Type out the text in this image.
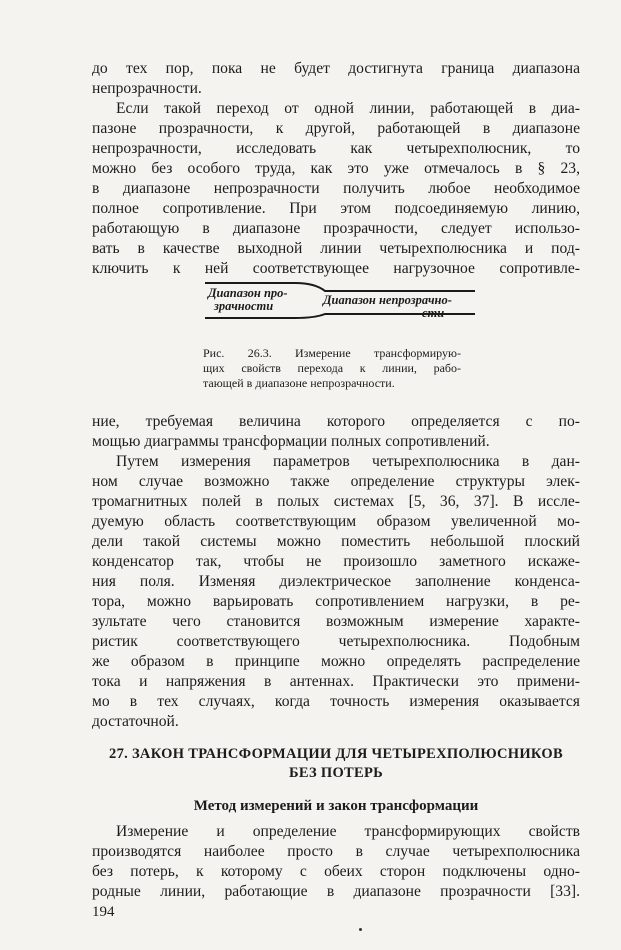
до тех пор, пока не будет достигнута граница диапазона
непрозрачности.
Если такой переход от одной линии, работающей в диа-
пазоне прозрачности, к другой, работающей в диапазоне
непрозрачности, исследовать как четырехполюсник, то
можно без особого труда, как это уже отмечалось в § 23,
в диапазоне непрозрачности получить любое необходимое
полное сопротивление. При этом подсоединяемую линию,
работающую в диапазоне прозрачности, следует использо-
вать в качестве выходной линии четырехполюсника и под-
ключить к ней соответствующее нагрузочное сопротивле-
Диапазон про-
зрачности	Диапазон непрозрачно-
сти
Рис. 26.3. Измерение трансформирую-
щих свойств перехода к линии, рабо-
тающей в диапазоне непрозрачности.
ние, требуемая величина которого определяется с по-
мощью диаграммы трансформации полных сопротивлений.
Путем измерения параметров четырехполюсника в дан-
ном случае возможно также определение структуры элек-
тромагнитных полей в полых системах [5, 36, 37]. В иссле-
дуемую область соответствующим образом увеличенной мо-
дели такой системы можно поместить небольшой плоский
конденсатор так, чтобы не произошло заметного искаже-
ния поля. Изменяя диэлектрическое заполнение конденса-
тора, можно варьировать сопротивлением нагрузки, в ре-
зультате чего становится возможным измерение характе-
ристик соответствующего четырехполюсника. Подобным
же образом в принципе можно определять распределение
тока и напряжения в антеннах. Практически это примени-
мо в тех случаях, когда точность измерения оказывается
достаточной.
27. ЗАКОН ТРАНСФОРМАЦИИ ДЛЯ ЧЕТЫРЕХПОЛЮСНИКОВ
БЕЗ ПОТЕРЬ
Метод измерений и закон трансформации
Измерение и определение трансформирующих свойств
производятся наиболее просто в случае четырехполюсника
без потерь, к которому с обеих сторон подключены одно-
родные линии, работающие в диапазоне прозрачности [33].
194
